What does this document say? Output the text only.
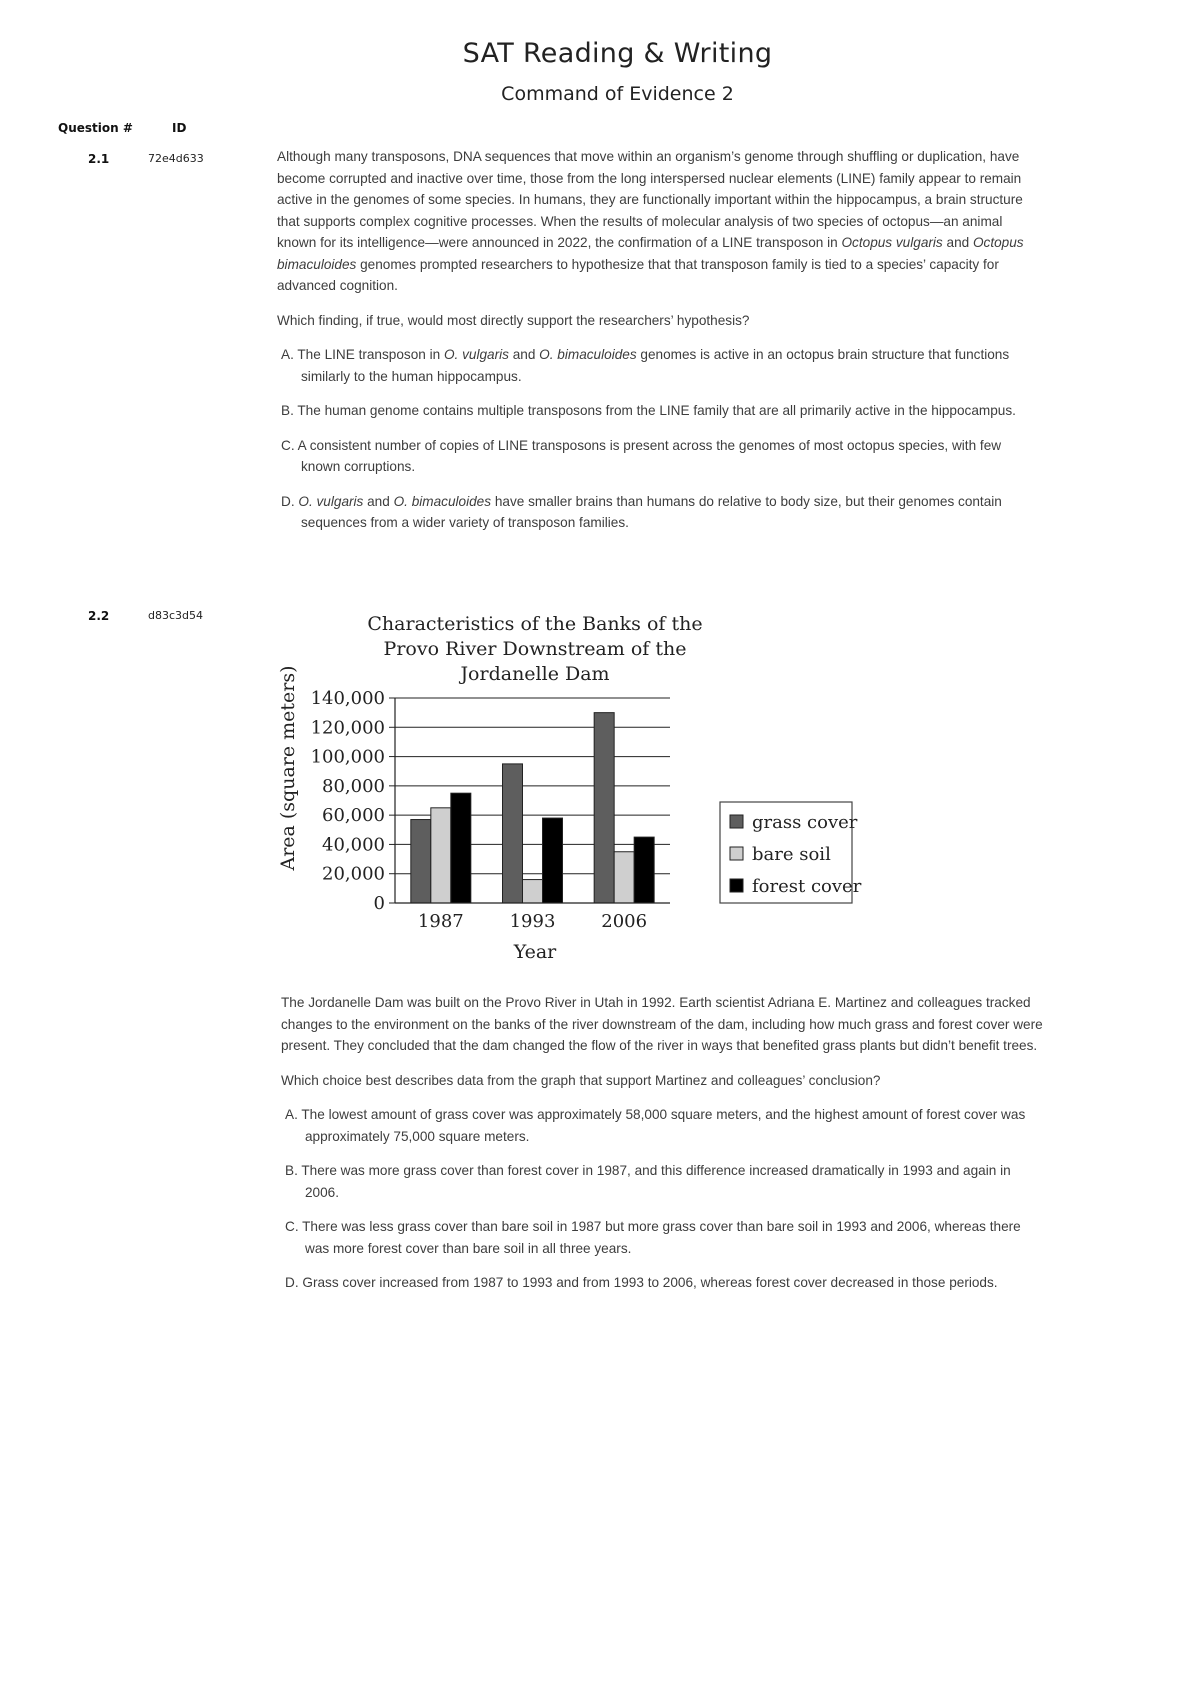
SAT Reading & Writing
Command of Evidence 2
Question #	ID
2.1	72e4d633	Although many transposons, DNA sequences that move within an organism’s genome through shuffling or duplication, have become corrupted and inactive over time, those from the long interspersed nuclear elements (LINE) family appear to remain active in the genomes of some species. In humans, they are functionally important within the hippocampus, a brain structure that supports complex cognitive processes. When the results of molecular analysis of two species of octopus—an animal known for its intelligence—were announced in 2022, the confirmation of a LINE transposon in Octopus vulgaris and Octopus bimaculoides genomes prompted researchers to hypothesize that that transposon family is tied to a species’ capacity for advanced cognition.

Which finding, if true, would most directly support the researchers’ hypothesis?

A. The LINE transposon in O. vulgaris and O. bimaculoides genomes is active in an octopus brain structure that functions similarly to the human hippocampus.
B. The human genome contains multiple transposons from the LINE family that are all primarily active in the hippocampus.
C. A consistent number of copies of LINE transposons is present across the genomes of most octopus species, with few known corruptions.
D. O. vulgaris and O. bimaculoides have smaller brains than humans do relative to body size, but their genomes contain sequences from a wider variety of transposon families.
2.2	d83c3d54	Characteristics of the Banks of the
Provo River Downstream of the
Jordanelle Dam
0
20,000
40,000
60,000
80,000
100,000
120,000
140,000
1987	1993	2006
Area (square meters)
Year
grass cover
bare soil
forest cover

The Jordanelle Dam was built on the Provo River in Utah in 1992. Earth scientist Adriana E. Martinez and colleagues tracked changes to the environment on the banks of the river downstream of the dam, including how much grass and forest cover were present. They concluded that the dam changed the flow of the river in ways that benefited grass plants but didn’t benefit trees.

Which choice best describes data from the graph that support Martinez and colleagues’ conclusion?

A. The lowest amount of grass cover was approximately 58,000 square meters, and the highest amount of forest cover was approximately 75,000 square meters.
B. There was more grass cover than forest cover in 1987, and this difference increased dramatically in 1993 and again in 2006.
C. There was less grass cover than bare soil in 1987 but more grass cover than bare soil in 1993 and 2006, whereas there was more forest cover than bare soil in all three years.
D. Grass cover increased from 1987 to 1993 and from 1993 to 2006, whereas forest cover decreased in those periods.
